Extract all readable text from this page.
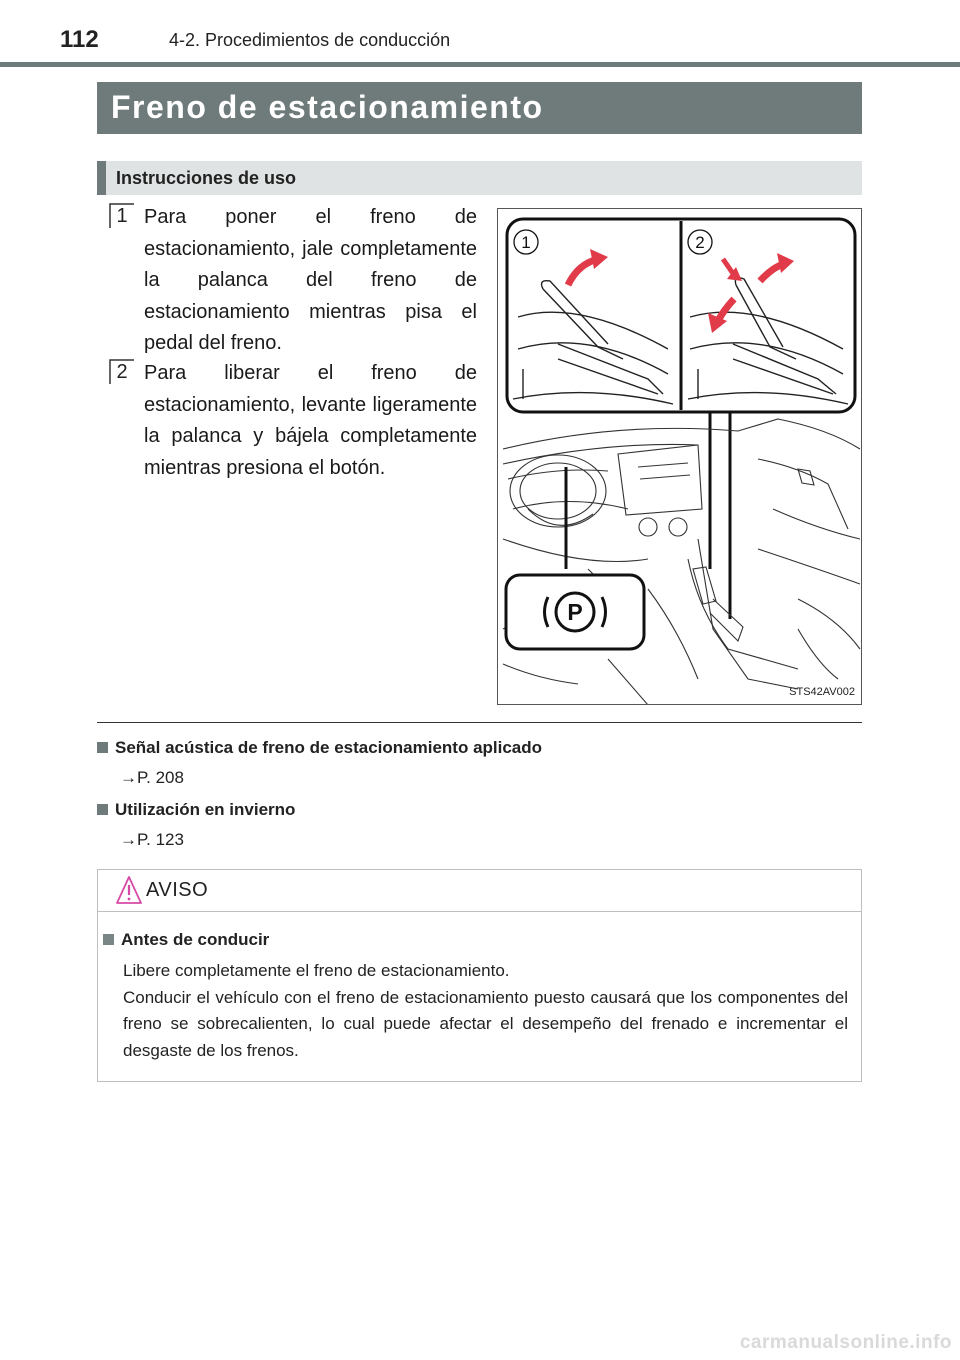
112	4-2. Procedimientos de conducción
Freno de estacionamiento
Instrucciones de uso
1 Para poner el freno de estacionamiento, jale completamente la palanca del freno de estacionamiento mientras pisa el pedal del freno.
2 Para liberar el freno de estacionamiento, levante ligeramente la palanca y bájela completamente mientras presiona el botón.
1	2
P
STS42AV002
Señal acústica de freno de estacionamiento aplicado
→P. 208
Utilización en invierno
→P. 123
AVISO
Antes de conducir

Libere completamente el freno de estacionamiento.

Conducir el vehículo con el freno de estacionamiento puesto causará que los componentes del freno se sobrecalienten, lo cual puede afectar el desempeño del frenado e incrementar el desgaste de los frenos.

carmanualsonline.info
